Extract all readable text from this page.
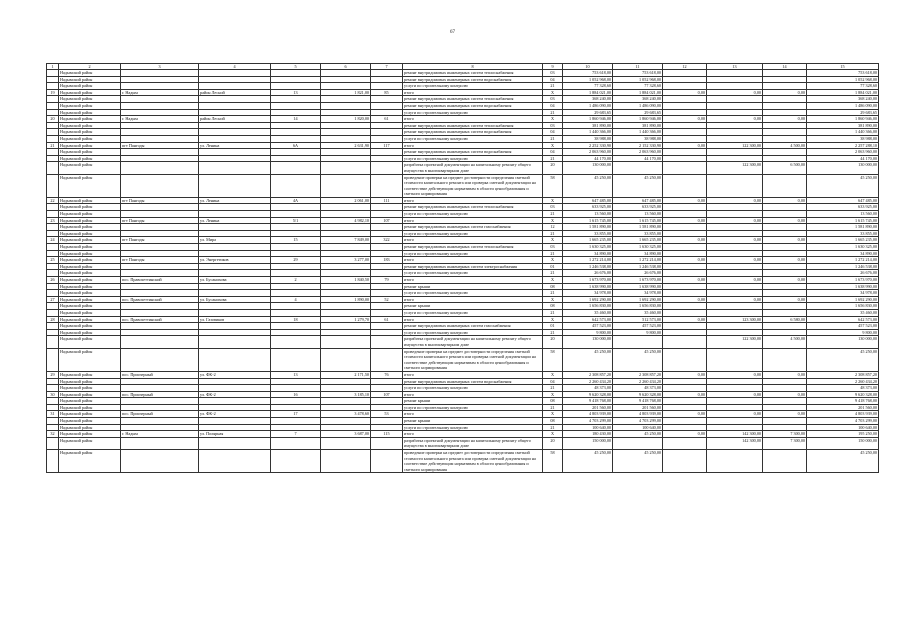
67
1	2	3	4	5	6	7	8	9	10	11	12	13	14	15
	Надымский район						ремонт внутридомовых инженерных систем теплоснабжения	03	753 618,00	753 618,00				753 618,00
	Надымский район						ремонт внутридомовых инженерных систем водоснабжения	04	1 052 968,00	1 052 968,00				1 052 968,00
	Надымский район						услуги по строительному контролю	21	77 328,60	77 328,60				77 328,60
19	Надымский район	г. Надым	район Лесной	13	1 821,00	85	итого	X	1 884 021,00	1 884 021,00	0,00	0,00	0,00	1 884 021,00
	Надымский район						ремонт внутридомовых инженерных систем теплоснабжения	03	368 240,00	368 240,00				368 240,00
	Надымский район						ремонт внутридомовых инженерных систем водоснабжения	04	1 486 090,00	1 486 090,00				1 486 090,00
	Надымский район						услуги по строительному контролю	21	29 683,65	29 683,65				29 683,65
20	Надымский район	г. Надым	район Лесной	14	1 820,00	61	итого	X	1 860 946,00	1 860 946,00	0,00	0,00	0,00	1 860 946,00
	Надымский район						ремонт внутридомовых инженерных систем теплоснабжения	03	381 890,00	381 890,00				381 890,00
	Надымский район						ремонт внутридомовых инженерных систем водоснабжения	04	1 440 366,00	1 440 366,00				1 440 366,00
	Надымский район						услуги по строительному контролю	21	38 988,00	38 988,00				38 988,00
21	Надымский район	пгт Пангоды	ул. Ленина	6А	2 631,90	117	итого	X	2 252 330,90	2 152 330,90	0,00	122 300,00	4 500,00	2 257 288,10
	Надымский район						ремонт внутридомовых инженерных систем водоснабжения	04	2 063 960,00	2 063 960,00				2 063 960,00
	Надымский район						услуги по строительному контролю	21	44 170,00	44 170,00				44 170,00
	Надымский район						разработка проектной документации на капитальному ремонту общего имущества в многоквартирном доме	20	130 000,00			122 300,00	6 500,00	130 000,00
	Надымский район						проведение проверки на предмет достоверности определения сметной стоимости капитального ремонта или проверка сметной документации на соответствие действующим нормативам в области ценообразования и сметного нормирования	58	45 250,00	45 250,00				45 250,00
22	Надымский район	пгт Пангоды	ул. Ленина	4А	2 061,00	111	итого	X	647 485,00	647 485,00	0,00	0,00	0,00	647 485,00
	Надымский район						ремонт внутридомовых инженерных систем теплоснабжения	03	633 925,00	633 925,00				633 925,00
	Надымский район						услуги по строительному контролю	21	13 560,00	13 560,00				13 560,00
23	Надымский район	пгт Пангоды	ул. Ленина	5/1	4 982,10	107	итого	X	1 615 745,00	1 615 745,00	0,00	0,00	0,00	1 615 745,00
	Надымский район						ремонт внутридомовых инженерных систем газоснабжения	12	1 581 890,00	1 581 890,00				1 581 890,00
	Надымский район						услуги по строительному контролю	21	33 855,00	33 855,00				33 855,00
24	Надымский район	пгт Пангоды	ул. Мира	15	7 849,00	322	итого	X	1 665 235,00	1 665 235,00	0,00	0,00	0,00	1 665 235,00
	Надымский район						ремонт внутридомовых инженерных систем теплоснабжения	03	1 630 325,00	1 630 325,00				1 630 325,00
	Надымский район						услуги по строительному контролю	21	34 890,00	34 890,00				34 890,00
25	Надымский район	пгт Пангоды	ул. Энергетиков	29	3 277,00	183	итого	X	1 272 214,00	1 272 214,00	0,00	0,00	0,00	1 272 214,00
	Надымский район						ремонт внутридомовых инженерных систем электроснабжения	01	1 246 538,00	1 246 538,00				1 246 538,00
	Надымский район						услуги по строительному контролю	21	26 676,00	26 676,00				26 676,00
26	Надымский район	пос. Правохеттинский	ул. Бусанихова	2	1 840,50	79	итого	X	1 673 970,00	1 673 970,00	0,00	0,00	0,00	1 673 970,00
	Надымский район						ремонт крыши	08	1 638 990,00	1 638 990,00				1 638 990,00
	Надымский район						услуги по строительному контролю	21	34 978,00	34 978,00				34 978,00
27	Надымский район	пос. Правохеттинский	ул. Бусанихова	4	1 890,00	52	итого	X	1 692 290,00	1 692 290,00	0,00	0,00	0,00	1 692 290,00
	Надымский район						ремонт крыши	08	1 656 830,00	1 656 830,00				1 656 830,00
	Надымский район						услуги по строительному контролю	21	35 460,00	35 460,00				35 460,00
28	Надымский район	пос. Правохеттинский	ул. Газовиков	18	1 279,70	61	итого	X	642 573,00	512 573,00	0,00	123 300,00	6 580,00	642 573,00
	Надымский район						ремонт внутридомовых инженерных систем газоснабжения	01	457 523,00	457 523,00				457 523,00
	Надымский район						услуги по строительному контролю	21	9 800,00	9 800,00				9 800,00
	Надымский район						разработка проектной документации на капитальному ремонту общего имущества в многоквартирном доме	20	130 000,00			122 300,00	4 500,00	130 000,00
	Надымский район						проведение проверки на предмет достоверности определения сметной стоимости капитального ремонта или проверка сметной документации на соответствие действующим нормативам в области ценообразования и сметного нормирования	58	45 250,00	45 250,00				45 250,00
29	Надымский район	пос. Приозерный	ул. ФК-2	13	2 171,50	76	итого	X	2 308 857,20	2 308 857,20	0,00	0,00	0,00	2 308 857,20
	Надымский район						ремонт внутридомовых инженерных систем водоснабжения	04	2 260 434,20	2 260 434,20				2 260 434,20
	Надымский район						услуги по строительному контролю	21	48 373,00	48 373,00				48 373,00
30	Надымский район	пос. Приозерный	ул. ФК-2	16	3 185,10	107	итого	X	9 620 328,00	9 620 328,00	0,00	0,00	0,00	9 620 328,00
	Надымский район						ремонт крыши	08	9 418 768,00	9 418 768,00				9 418 768,00
	Надымский район						услуги по строительному контролю	21	201 560,00	201 560,00				201 560,00
31	Надымский район	пос. Приозерный	ул. ФК-2	17	3 478,60	53	итого	X	4 803 939,00	4 803 939,00	0,00	0,00	0,00	4 803 939,00
	Надымский район						ремонт крыши	08	4 703 299,00	4 703 299,00				4 703 299,00
	Надымский район						услуги по строительному контролю	21	100 640,00	100 640,00				100 640,00
32	Надымский район	г. Надым	ул. Полярная	7	3 687,00	115	итого	X	180 430,00	45 250,00	0,00	142 300,00	7 300,00	195 250,00
	Надымский район						разработка проектной документации на капитальному ремонту общего имущества в многоквартирном доме	20	150 000,00			142 300,00	7 300,00	150 000,00
	Надымский район						проведение проверки на предмет достоверности определения сметной стоимости капитального ремонта или проверка сметной документации на соответствие действующим нормативам в области ценообразования и сметного нормирования	58	45 250,00	45 250,00				45 250,00
